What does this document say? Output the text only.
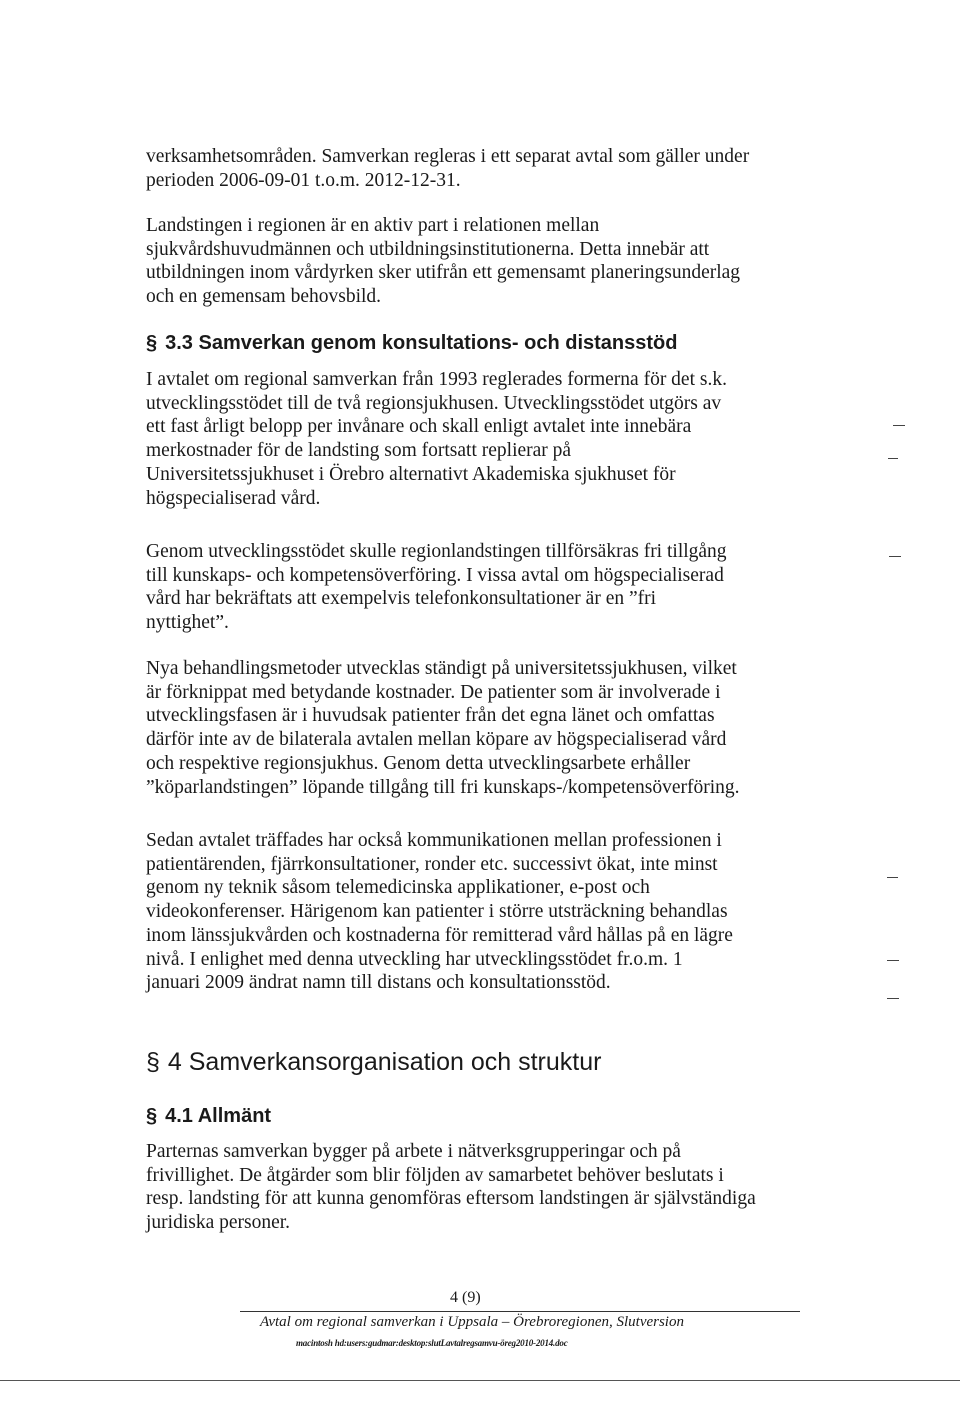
verksamhetsområden. Samverkan regleras i ett separat avtal som gäller under
perioden 2006-09-01 t.o.m. 2012-12-31.

Landstingen i regionen är en aktiv part i relationen mellan
sjukvårdshuvudmännen och utbildningsinstitutionerna. Detta innebär att
utbildningen inom vårdyrken sker utifrån ett gemensamt planeringsunderlag
och en gemensam behovsbild.

§ 3.3 Samverkan genom konsultations- och distansstöd

I avtalet om regional samverkan från 1993 reglerades formerna för det s.k.
utvecklingsstödet till de två regionsjukhusen. Utvecklingsstödet utgörs av
ett fast årligt belopp per invånare och skall enligt avtalet inte innebära
merkostnader för de landsting som fortsatt replierar på
Universitetssjukhuset i Örebro alternativt Akademiska sjukhuset för
högspecialiserad vård.

Genom utvecklingsstödet skulle regionlandstingen tillförsäkras fri tillgång
till kunskaps- och kompetensöverföring. I vissa avtal om högspecialiserad
vård har bekräftats att exempelvis telefonkonsultationer är en ”fri
nyttighet”.

Nya behandlingsmetoder utvecklas ständigt på universitetssjukhusen, vilket
är förknippat med betydande kostnader. De patienter som är involverade i
utvecklingsfasen är i huvudsak patienter från det egna länet och omfattas
därför inte av de bilaterala avtalen mellan köpare av högspecialiserad vård
och respektive regionsjukhus. Genom detta utvecklingsarbete erhåller
”köparlandstingen” löpande tillgång till fri kunskaps-/kompetensöverföring.

Sedan avtalet träffades har också kommunikationen mellan professionen i
patientärenden, fjärrkonsultationer, ronder etc. successivt ökat, inte minst
genom ny teknik såsom telemedicinska applikationer, e-post och
videokonferenser. Härigenom kan patienter i större utsträckning behandlas
inom länssjukvården och kostnaderna för remitterad vård hållas på en lägre
nivå. I enlighet med denna utveckling har utvecklingsstödet fr.o.m. 1
januari 2009 ändrat namn till distans och konsultationsstöd.

§ 4 Samverkansorganisation och struktur
§ 4.1 Allmänt

Parternas samverkan bygger på arbete i nätverksgrupperingar och på
frivillighet. De åtgärder som blir följden av samarbetet behöver beslutats i
resp. landsting för att kunna genomföras eftersom landstingen är självständiga
juridiska personer.

4 (9)
Avtal om regional samverkan i Uppsala – Örebroregionen, Slutversion
macintosh hd:users:gudmar:desktop:slutLavtalregsamvu-öreg2010-2014.doc
